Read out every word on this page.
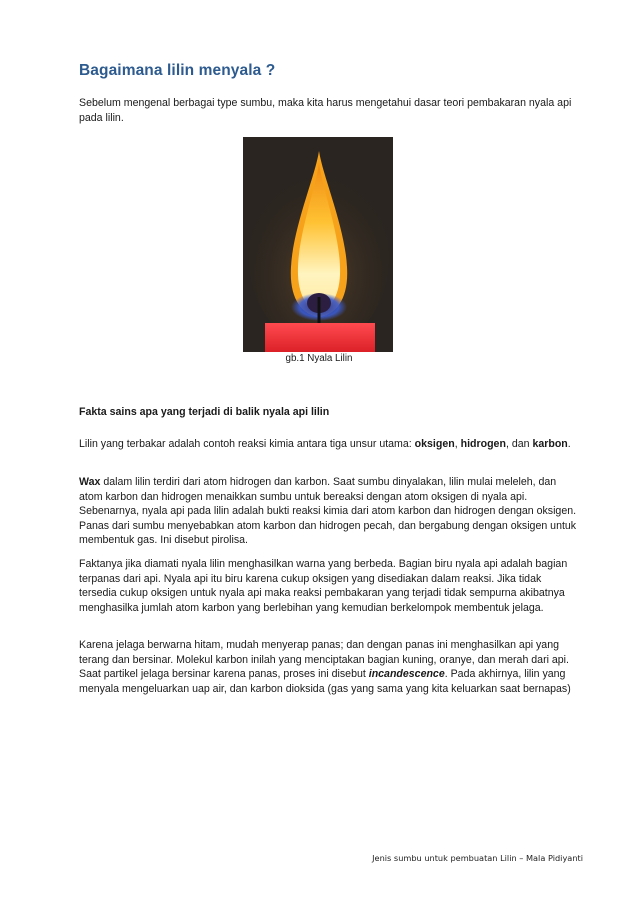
Bagaimana lilin menyala ?

Sebelum mengenal berbagai type sumbu, maka kita harus mengetahui dasar teori pembakaran nyala api pada lilin.

gb.1 Nyala Lilin

Fakta sains apa yang terjadi di balik nyala api lilin

Lilin yang terbakar adalah contoh reaksi kimia antara tiga unsur utama: oksigen, hidrogen, dan karbon.

Wax dalam lilin terdiri dari atom hidrogen dan karbon. Saat sumbu dinyalakan, lilin mulai meleleh, dan atom karbon dan hidrogen menaikkan sumbu untuk bereaksi dengan atom oksigen di nyala api. Sebenarnya, nyala api pada lilin adalah bukti reaksi kimia dari atom karbon dan hidrogen dengan oksigen. Panas dari sumbu menyebabkan atom karbon dan hidrogen pecah, dan bergabung dengan oksigen untuk membentuk gas. Ini disebut pirolisa.

Faktanya jika diamati nyala lilin menghasilkan warna yang berbeda. Bagian biru nyala api adalah bagian terpanas dari api. Nyala api itu biru karena cukup oksigen yang disediakan dalam reaksi. Jika tidak tersedia cukup oksigen untuk nyala api maka reaksi pembakaran yang terjadi tidak sempurna akibatnya menghasilka jumlah atom karbon yang berlebihan yang kemudian berkelompok membentuk jelaga.

Karena jelaga berwarna hitam, mudah menyerap panas; dan dengan panas ini menghasilkan api yang terang dan bersinar. Molekul karbon inilah yang menciptakan bagian kuning, oranye, dan merah dari api. Saat partikel jelaga bersinar karena panas, proses ini disebut incandescence. Pada akhirnya, lilin yang menyala mengeluarkan uap air, dan karbon dioksida (gas yang sama yang kita keluarkan saat bernapas)

Jenis sumbu untuk pembuatan Lilin – Mala Pidiyanti
